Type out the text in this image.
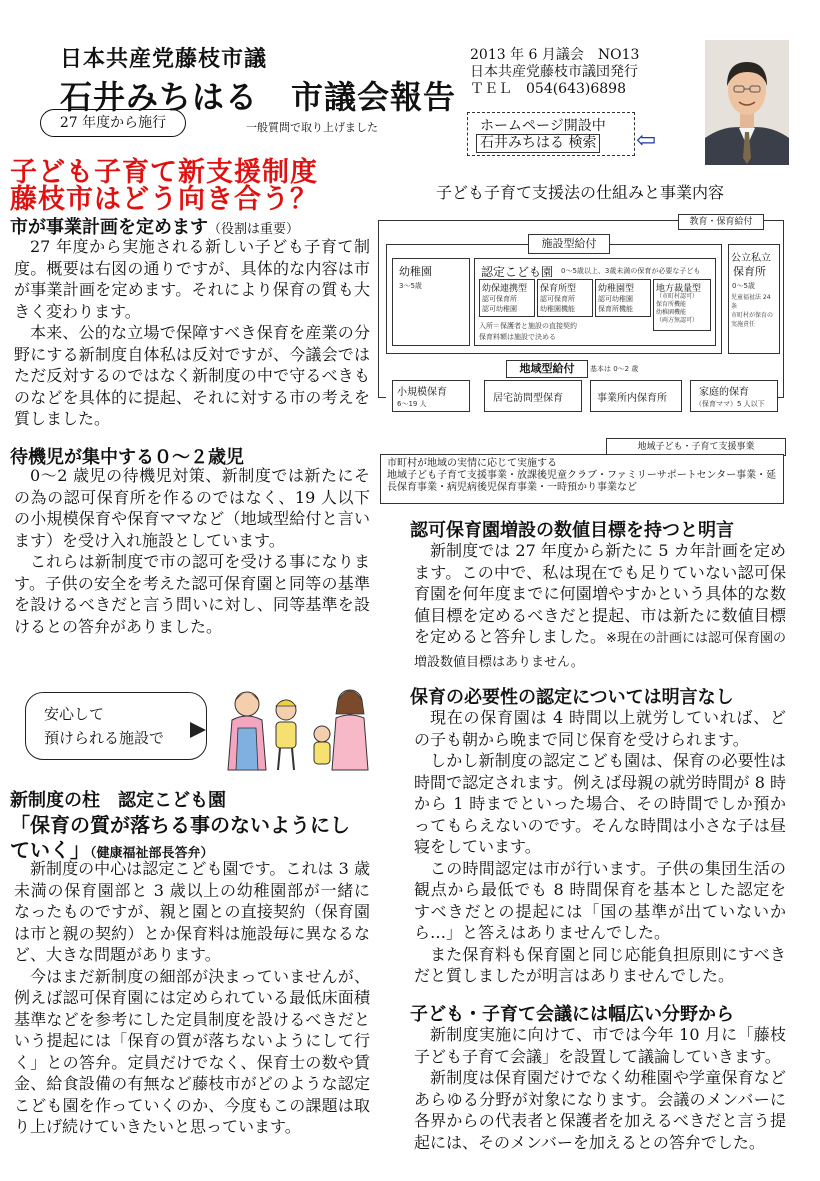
日本共産党藤枝市議
石井みちはる　市議会報告
27 年度から施行	一般質問で取り上げました
2013 年 6 月議会　NO13
日本共産党藤枝市議団発行
ＴＥＬ　054(643)6898
ホームページ開設中
石井みちはる 検索 ⇦
子ども子育て新支援制度
藤枝市はどう向き合う？	子ども子育て支援法の仕組みと事業内容
市が事業計画を定めます（役割は重要）

27 年度から実施される新しい子ども子育て制度。概要は右図の通りですが、具体的な内容は市が事業計画を定めます。それにより保育の質も大きく変わります。

本来、公的な立場で保障すべき保育を産業の分野にする新制度自体私は反対ですが、今議会ではただ反対するのではなく新制度の中で守るべきものなどを具体的に提起、それに対する市の考えを質しました。

待機児が集中する０～２歳児

0～2 歳児の待機児対策、新制度では新たにその為の認可保育所を作るのではなく、19 人以下の小規模保育や保育ママなど（地域型給付と言います）を受け入れ施設としています。

これらは新制度で市の認可を受ける事になります。子供の安全を考えた認可保育園と同等の基準を設けるべきだと言う問いに対し、同等基準を設けるとの答弁がありました。

安心して
預けられる施設で
新制度の柱　認定こども園
「保育の質が落ちる事のないようにし
ていく」（健康福祉部長答弁）

新制度の中心は認定こども園です。これは 3 歳未満の保育園部と 3 歳以上の幼稚園部が一緒になったものですが、親と園との直接契約（保育園は市と親の契約）とか保育料は施設毎に異なるなど、大きな問題があります。

今はまだ新制度の細部が決まっていませんが、例えば認可保育園には定められている最低床面積基準などを参考にした定員制度を設けるべきだという提起には「保育の質が落ちないようにして行く」との答弁。定員だけでなく、保育士の数や賃金、給食設備の有無など藤枝市がどのような認定こども園を作っていくのか、今度もこの課題は取り上げ続けていきたいと思っています。

教育・保育給付
施設型給付
幼稚園
3～5歳
認定こども園 0～5歳以上、3歳未満の保育が必要な子ども
幼保連携型
認可保育所
認可幼稚園
保育所型
認可保育所
幼稚園機能
幼稚園型
認可幼稚園
保育所機能
地方裁量型
（市町村認可）
保育所機能
幼稚園機能
（両方無認可）
入所＝保護者と施設の直接契約
保育料額は施設で決める
公立私立
保育所
0～5歳
児童福祉法 24 条
市町村が保育の実施責任
地域型給付	基本は 0～2 歳
小規模保育
6～19 人	居宅訪問型保育	事業所内保育所
家庭的保育
（保育ママ）5 人以下
地域子ども・子育て支援事業
市町村が地域の実情に応じて実施する
地域子ども子育て支援事業・放課後児童クラブ・ファミリーサポートセンター事業・延長保育事業・病児病後児保育事業・一時預かり事業など
認可保育園増設の数値目標を持つと明言

新制度では 27 年度から新たに 5 カ年計画を定めます。この中で、私は現在でも足りていない認可保育園を何年度までに何園増やすかという具体的な数値目標を定めるべきだと提起、市は新たに数値目標を定めると答弁しました。※現在の計画には認可保育園の増設数値目標はありません。

保育の必要性の認定については明言なし

現在の保育園は 4 時間以上就労していれば、どの子も朝から晩まで同じ保育を受けられます。

しかし新制度の認定こども園は、保育の必要性は時間で認定されます。例えば母親の就労時間が 8 時から 1 時までといった場合、その時間でしか預かってもらえないのです。そんな時間は小さな子は昼寝をしています。

この時間認定は市が行います。子供の集団生活の観点から最低でも 8 時間保育を基本とした認定をすべきだとの提起には「国の基準が出ていないから…」と答えはありませんでした。

また保育料も保育園と同じ応能負担原則にすべきだと質しましたが明言はありませんでした。

子ども・子育て会議には幅広い分野から

新制度実施に向けて、市では今年 10 月に「藤枝子ども子育て会議」を設置して議論していきます。

新制度は保育園だけでなく幼稚園や学童保育などあらゆる分野が対象になります。会議のメンバーに各界からの代表者と保護者を加えるべきだと言う提起には、そのメンバーを加えるとの答弁でした。
